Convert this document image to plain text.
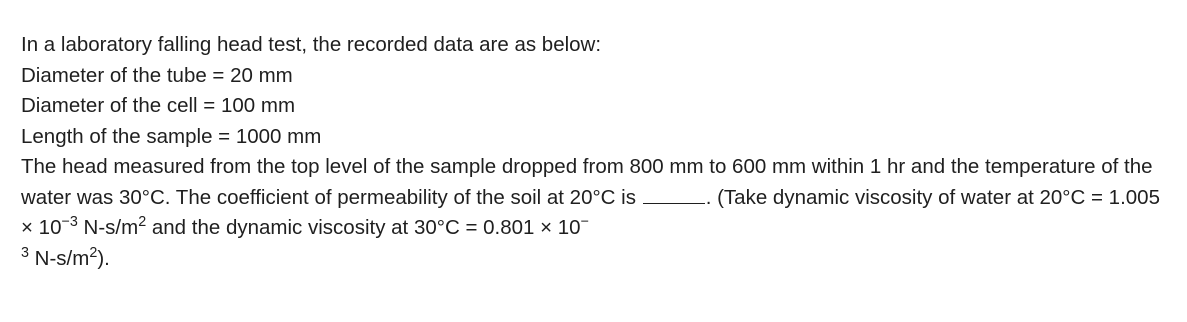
In a laboratory falling head test, the recorded data are as below:
Diameter of the tube = 20 mm
Diameter of the cell = 100 mm
Length of the sample = 1000 mm
The head measured from the top level of the sample dropped from 800 mm to 600 mm within 1 hr and the temperature of the water was 30°C. The coefficient of permeability of the soil at 20°C is	. (Take dynamic viscosity of water at $20^\circ C = 1.005 \times 10^{-3}$ $N-s/m^2$ and the dynamic viscosity at 30°C = 0.801 × 10−
$^3$ $N-s/m^2$).
